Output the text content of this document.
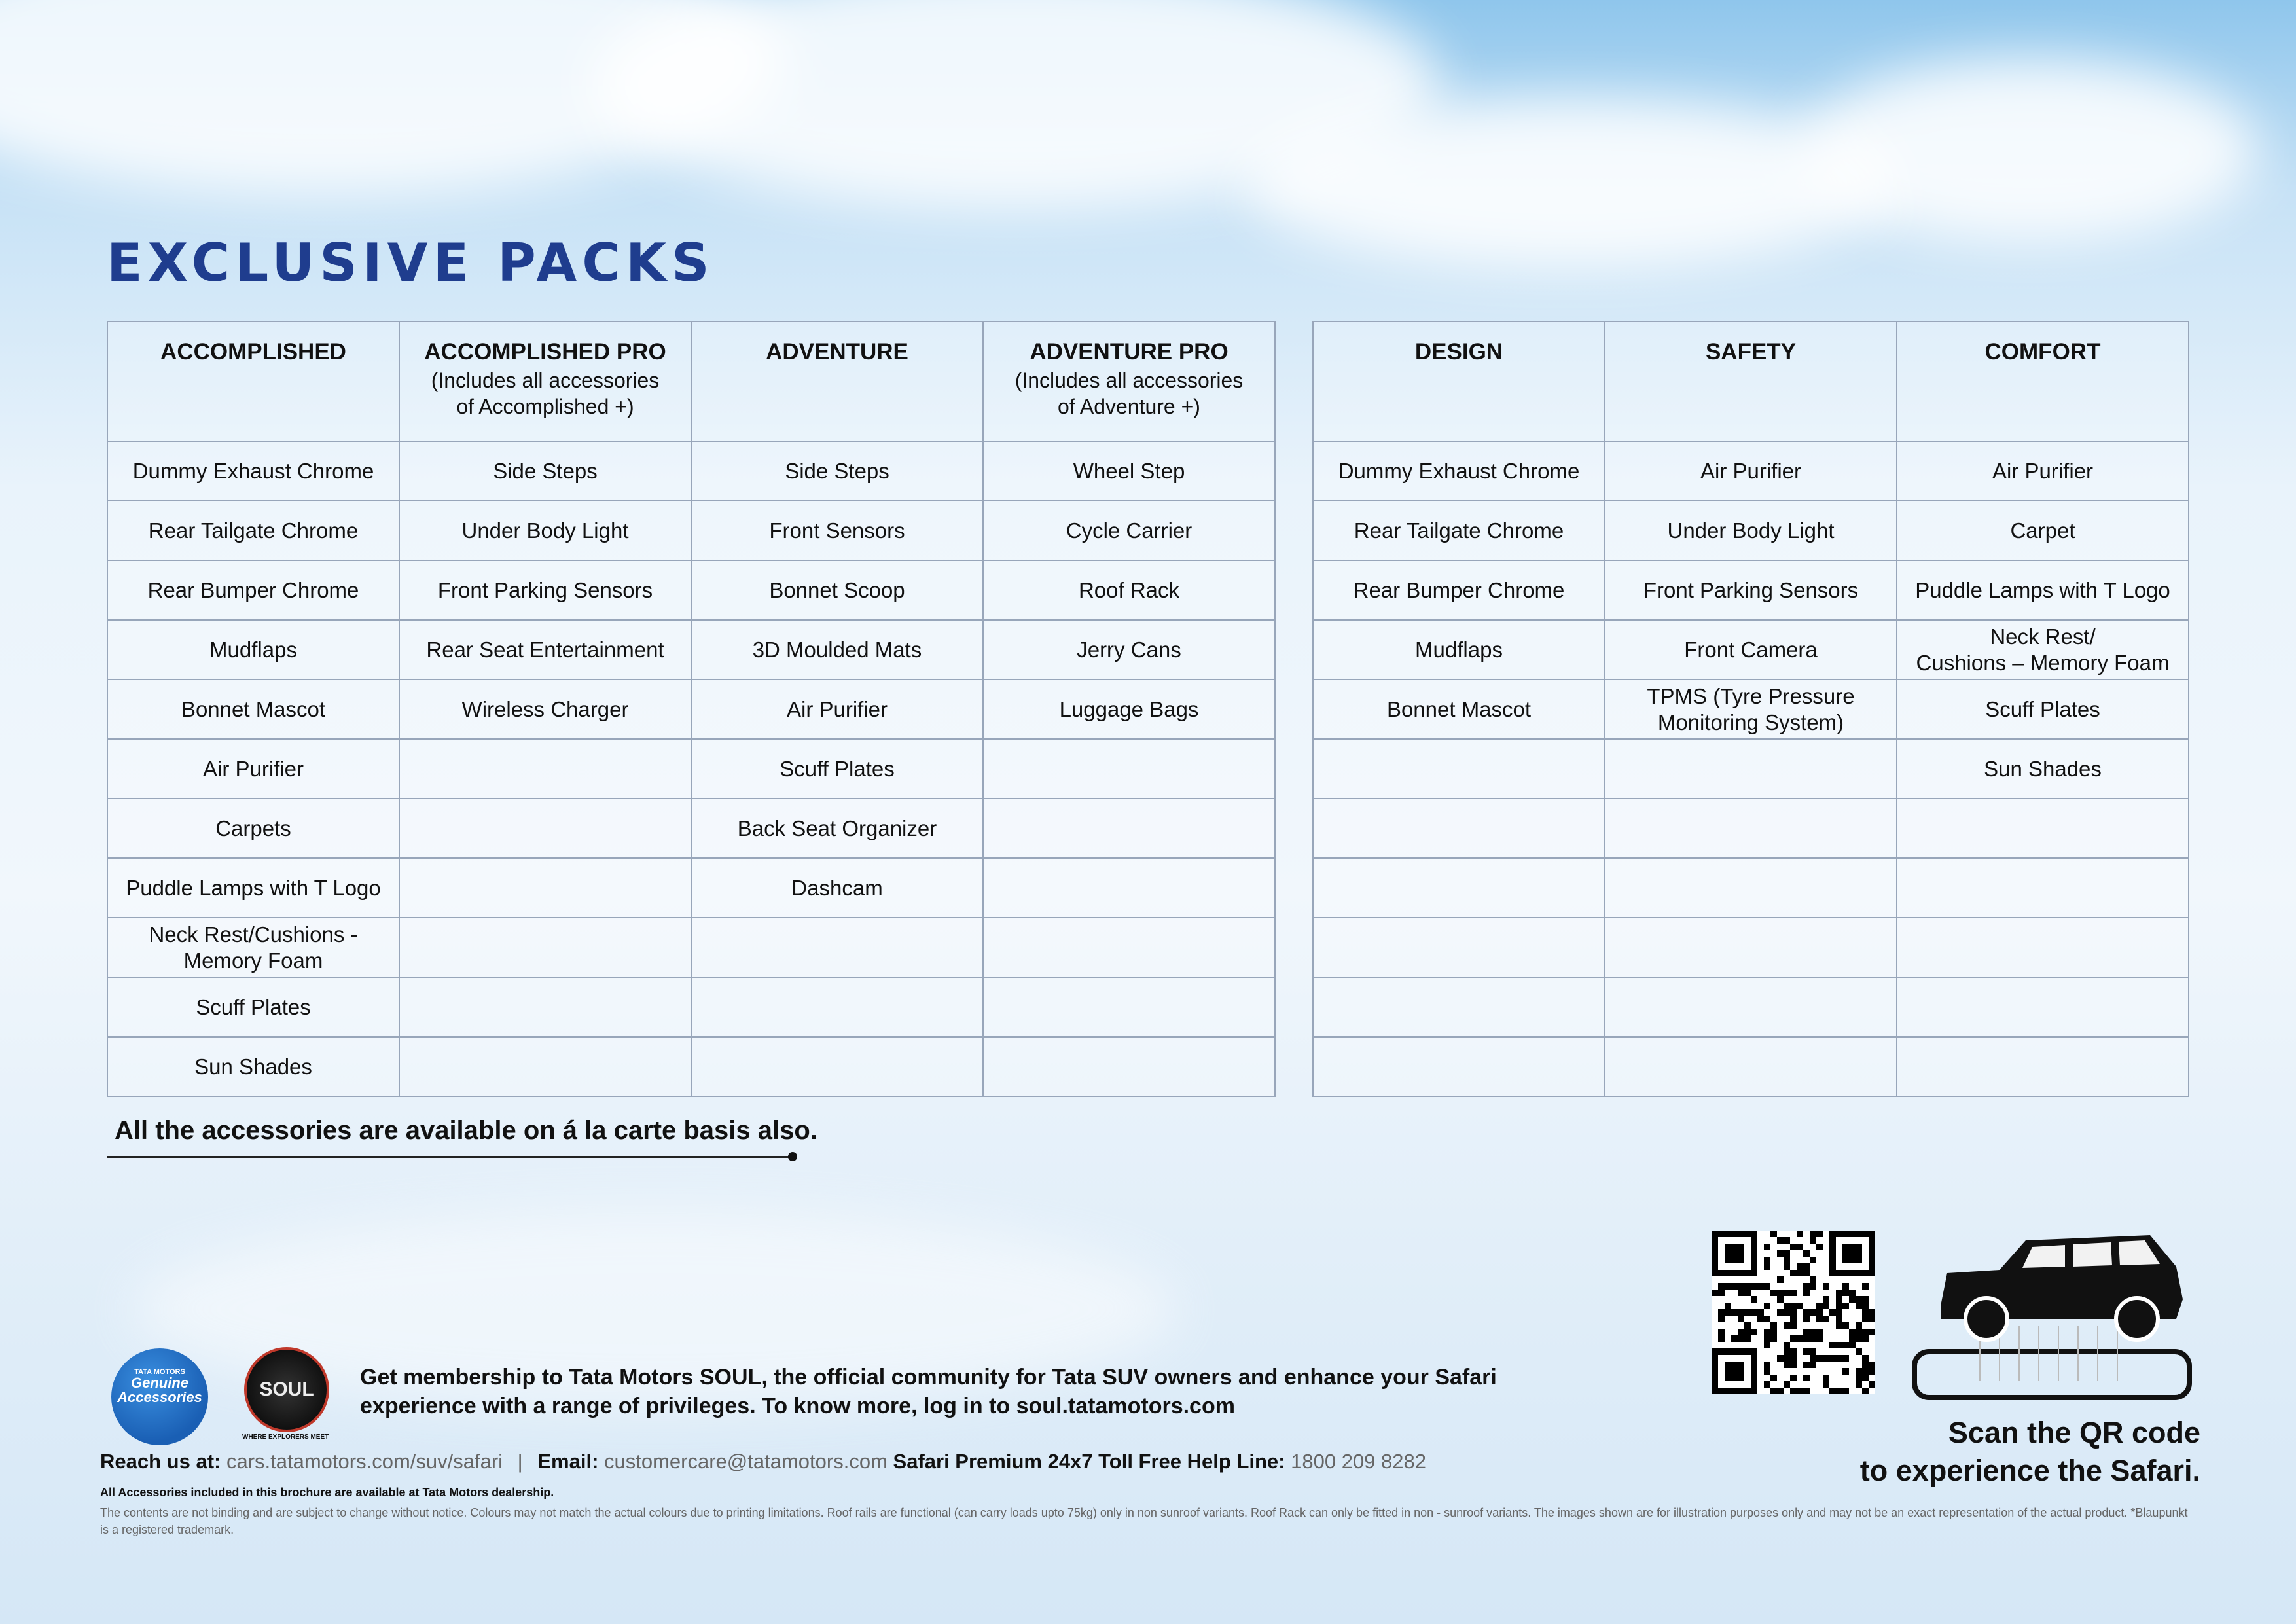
EXCLUSIVE PACKS
ACCOMPLISHED	ACCOMPLISHED PRO
(Includes all accessories
of Accomplished +)	ADVENTURE	ADVENTURE PRO
(Includes all accessories
of Adventure +)

Dummy Exhaust Chrome	Side Steps	Side Steps	Wheel Step

Rear Tailgate Chrome	Under Body Light	Front Sensors	Cycle Carrier

Rear Bumper Chrome	Front Parking Sensors	Bonnet Scoop	Roof Rack

Mudflaps	Rear Seat Entertainment	3D Moulded Mats	Jerry Cans

Bonnet Mascot	Wireless Charger	Air Purifier	Luggage Bags

Air Purifier		Scuff Plates	

Carpets		Back Seat Organizer	

Puddle Lamps with T Logo		Dashcam	

Neck Rest/Cushions -
Memory Foam			

Scuff Plates			

Sun Shades			

DESIGN	SAFETY	COMFORT

Dummy Exhaust Chrome	Air Purifier	Air Purifier

Rear Tailgate Chrome	Under Body Light	Carpet

Rear Bumper Chrome	Front Parking Sensors	Puddle Lamps with T Logo

Mudflaps	Front Camera	Neck Rest/
Cushions – Memory Foam

Bonnet Mascot	TPMS (Tyre Pressure
Monitoring System)	Scuff Plates

		Sun Shades

All the accessories are available on á la carte basis also.
TATA MOTORS
Genuine
Accessories	SOUL
WHERE EXPLORERS MEET
Get membership to Tata Motors SOUL, the official community for Tata SUV owners and enhance your Safari experience with a range of privileges. To know more, log in to soul.tatamotors.com
Reach us at: cars.tatamotors.com/suv/safari | Email: customercare@tatamotors.com Safari Premium 24x7 Toll Free Help Line: 1800 209 8282
All Accessories included in this brochure are available at Tata Motors dealership.
The contents are not binding and are subject to change without notice. Colours may not match the actual colours due to printing limitations. Roof rails are functional (can carry loads upto 75kg) only in non sunroof variants. Roof Rack can only be fitted in non - sunroof variants. The images shown are for illustration purposes only and may not be an exact representation of the actual product. *Blaupunkt is a registered trademark.
Scan the QR code
to experience the Safari.
